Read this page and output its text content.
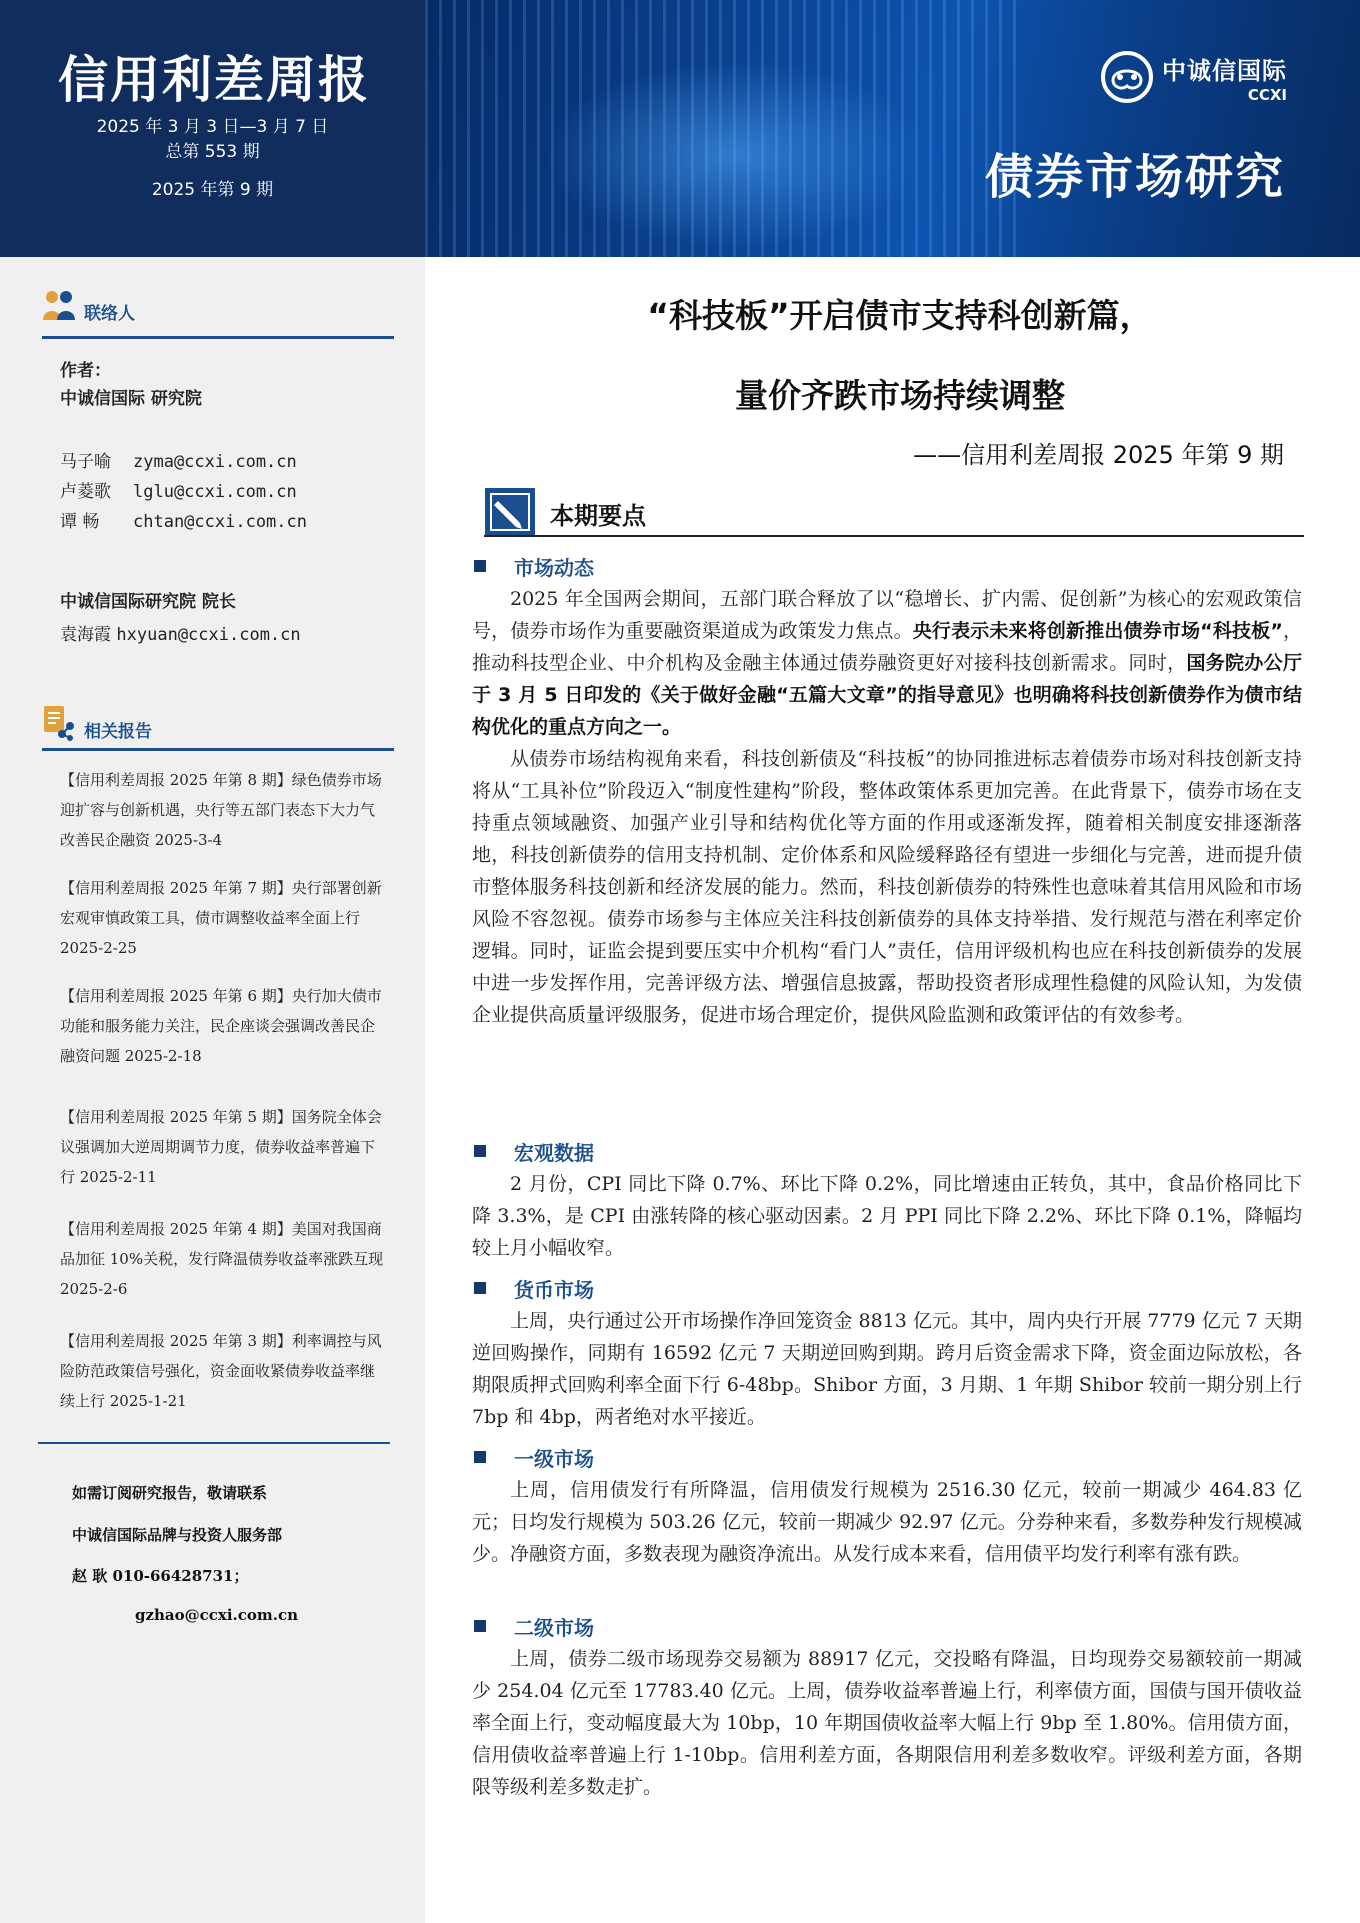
信用利差周报
2025 年 3 月 3 日—3 月 7 日
总第 553 期
2025 年第 9 期
中诚信国际
CCXI
债券市场研究
联络人
作者：
中诚信国际 研究院
马子喻 zyma@ccxi.com.cn
卢菱歌 lglu@ccxi.com.cn
谭 畅 chtan@ccxi.com.cn
中诚信国际研究院 院长
袁海霞 hxyuan@ccxi.com.cn
相关报告
【信用利差周报 2025 年第 8 期】绿色债券市场迎扩容与创新机遇，央行等五部门表态下大力气改善民企融资 2025-3-4
【信用利差周报 2025 年第 7 期】央行部署创新宏观审慎政策工具，债市调整收益率全面上行 2025-2-25
【信用利差周报 2025 年第 6 期】央行加大债市功能和服务能力关注，民企座谈会强调改善民企融资问题 2025-2-18
【信用利差周报 2025 年第 5 期】国务院全体会议强调加大逆周期调节力度，债券收益率普遍下行 2025-2-11
【信用利差周报 2025 年第 4 期】美国对我国商品加征 10%关税，发行降温债券收益率涨跌互现 2025-2-6
【信用利差周报 2025 年第 3 期】利率调控与风险防范政策信号强化，资金面收紧债券收益率继续上行 2025-1-21
如需订阅研究报告，敬请联系
中诚信国际品牌与投资人服务部
赵 耿 010-66428731；
gzhao@ccxi.com.cn
“科技板”开启债市支持科创新篇，
量价齐跌市场持续调整
——信用利差周报 2025 年第 9 期
本期要点
市场动态

2025 年全国两会期间，五部门联合释放了以“稳增长、扩内需、促创新”为核心的宏观政策信号，债券市场作为重要融资渠道成为政策发力焦点。央行表示未来将创新推出债券市场“科技板”，推动科技型企业、中介机构及金融主体通过债券融资更好对接科技创新需求。同时，国务院办公厅于 3 月 5 日印发的《关于做好金融“五篇大文章”的指导意见》也明确将科技创新债券作为债市结构优化的重点方向之一。

从债券市场结构视角来看，科技创新债及“科技板”的协同推进标志着债券市场对科技创新支持将从“工具补位”阶段迈入“制度性建构”阶段，整体政策体系更加完善。在此背景下，债券市场在支持重点领域融资、加强产业引导和结构优化等方面的作用或逐渐发挥，随着相关制度安排逐渐落地，科技创新债券的信用支持机制、定价体系和风险缓释路径有望进一步细化与完善，进而提升债市整体服务科技创新和经济发展的能力。然而，科技创新债券的特殊性也意味着其信用风险和市场风险不容忽视。债券市场参与主体应关注科技创新债券的具体支持举措、发行规范与潜在利率定价逻辑。同时，证监会提到要压实中介机构“看门人”责任，信用评级机构也应在科技创新债券的发展中进一步发挥作用，完善评级方法、增强信息披露，帮助投资者形成理性稳健的风险认知，为发债企业提供高质量评级服务，促进市场合理定价，提供风险监测和政策评估的有效参考。

宏观数据

2 月份，CPI 同比下降 0.7%、环比下降 0.2%，同比增速由正转负，其中，食品价格同比下降 3.3%，是 CPI 由涨转降的核心驱动因素。2 月 PPI 同比下降 2.2%、环比下降 0.1%，降幅均较上月小幅收窄。

货币市场

上周，央行通过公开市场操作净回笼资金 8813 亿元。其中，周内央行开展 7779 亿元 7 天期逆回购操作，同期有 16592 亿元 7 天期逆回购到期。跨月后资金需求下降，资金面边际放松，各期限质押式回购利率全面下行 6-48bp。Shibor 方面，3 月期、1 年期 Shibor 较前一期分别上行 7bp 和 4bp，两者绝对水平接近。

一级市场

上周，信用债发行有所降温，信用债发行规模为 2516.30 亿元，较前一期减少 464.83 亿元；日均发行规模为 503.26 亿元，较前一期减少 92.97 亿元。分券种来看，多数券种发行规模减少。净融资方面，多数表现为融资净流出。从发行成本来看，信用债平均发行利率有涨有跌。

二级市场

上周，债券二级市场现券交易额为 88917 亿元，交投略有降温，日均现券交易额较前一期减少 254.04 亿元至 17783.40 亿元。上周，债券收益率普遍上行，利率债方面，国债与国开债收益率全面上行，变动幅度最大为 10bp，10 年期国债收益率大幅上行 9bp 至 1.80%。信用债方面，信用债收益率普遍上行 1-10bp。信用利差方面，各期限信用利差多数收窄。评级利差方面，各期限等级利差多数走扩。
